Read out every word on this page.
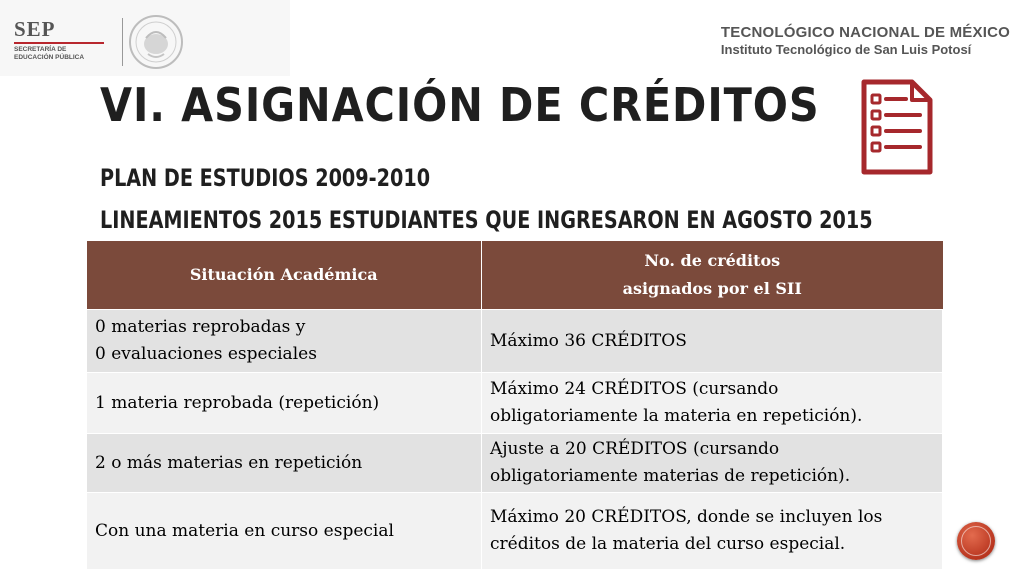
SEP
SECRETARÍA DE
EDUCACIÓN PÚBLICA
TECNOLÓGICO NACIONAL DE MÉXICO
Instituto Tecnológico de San Luis Potosí
VI. ASIGNACIÓN DE CRÉDITOS
PLAN DE ESTUDIOS 2009-2010
LINEAMIENTOS 2015 ESTUDIANTES QUE INGRESARON EN AGOSTO 2015
Situación Académica	No. de créditos
asignados por el SII

0 materias reprobadas y
0 evaluaciones especiales	Máximo 36 CRÉDITOS

1 materia reprobada (repetición)	Máximo 24 CRÉDITOS (cursando
obligatoriamente la materia en repetición).

2 o más materias en repetición	Ajuste a 20 CRÉDITOS (cursando
obligatoriamente materias de repetición).

Con una materia en curso especial	Máximo 20 CRÉDITOS, donde se incluyen los
créditos de la materia del curso especial.
